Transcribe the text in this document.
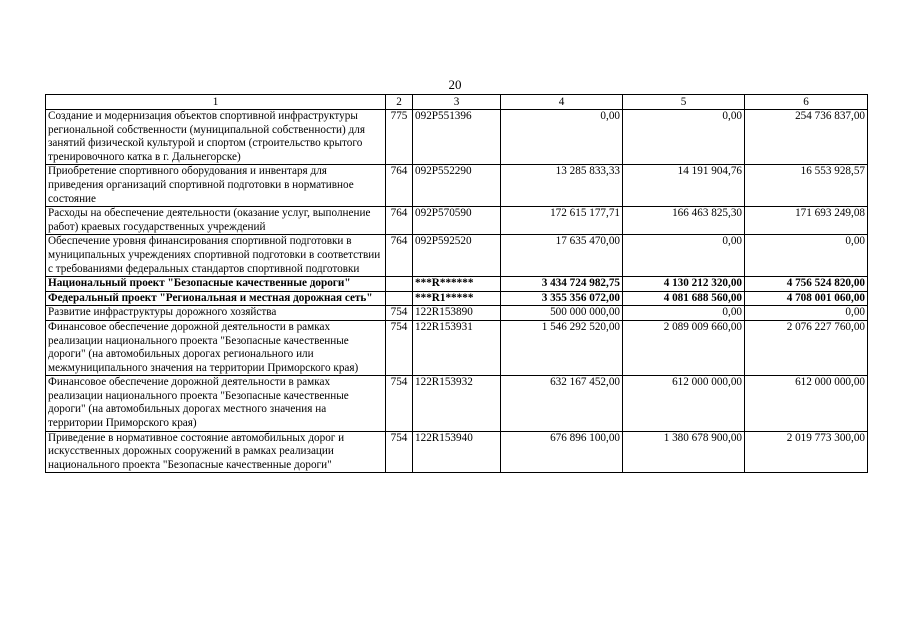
20
1	2	3	4	5	6
Создание и модернизация объектов спортивной инфраструктуры региональной собственности (муниципальной собственности) для занятий физической культурой и спортом (строительство крытого тренировочного катка в г. Дальнегорске)	775	092P551396	0,00	0,00	254 736 837,00
Приобретение спортивного оборудования и инвентаря для приведения организаций спортивной подготовки в нормативное состояние	764	092P552290	13 285 833,33	14 191 904,76	16 553 928,57
Расходы на обеспечение деятельности (оказание услуг, выполнение работ) краевых государственных учреждений	764	092P570590	172 615 177,71	166 463 825,30	171 693 249,08
Обеспечение уровня финансирования спортивной подготовки в муниципальных учреждениях спортивной подготовки в соответствии с требованиями федеральных стандартов спортивной подготовки	764	092P592520	17 635 470,00	0,00	0,00
Национальный проект "Безопасные качественные дороги"		***R******	3 434 724 982,75	4 130 212 320,00	4 756 524 820,00
Федеральный проект "Региональная и местная дорожная сеть"		***R1*****	3 355 356 072,00	4 081 688 560,00	4 708 001 060,00
Развитие инфраструктуры дорожного хозяйства	754	122R153890	500 000 000,00	0,00	0,00
Финансовое обеспечение дорожной деятельности в рамках реализации национального проекта "Безопасные качественные дороги" (на автомобильных дорогах регионального или межмуниципального значения на территории Приморского края)	754	122R153931	1 546 292 520,00	2 089 009 660,00	2 076 227 760,00
Финансовое обеспечение дорожной деятельности в рамках реализации национального проекта "Безопасные качественные дороги" (на автомобильных дорогах местного значения на территории Приморского края)	754	122R153932	632 167 452,00	612 000 000,00	612 000 000,00
Приведение в нормативное состояние автомобильных дорог и искусственных дорожных сооружений в рамках реализации национального проекта "Безопасные качественные дороги"	754	122R153940	676 896 100,00	1 380 678 900,00	2 019 773 300,00
